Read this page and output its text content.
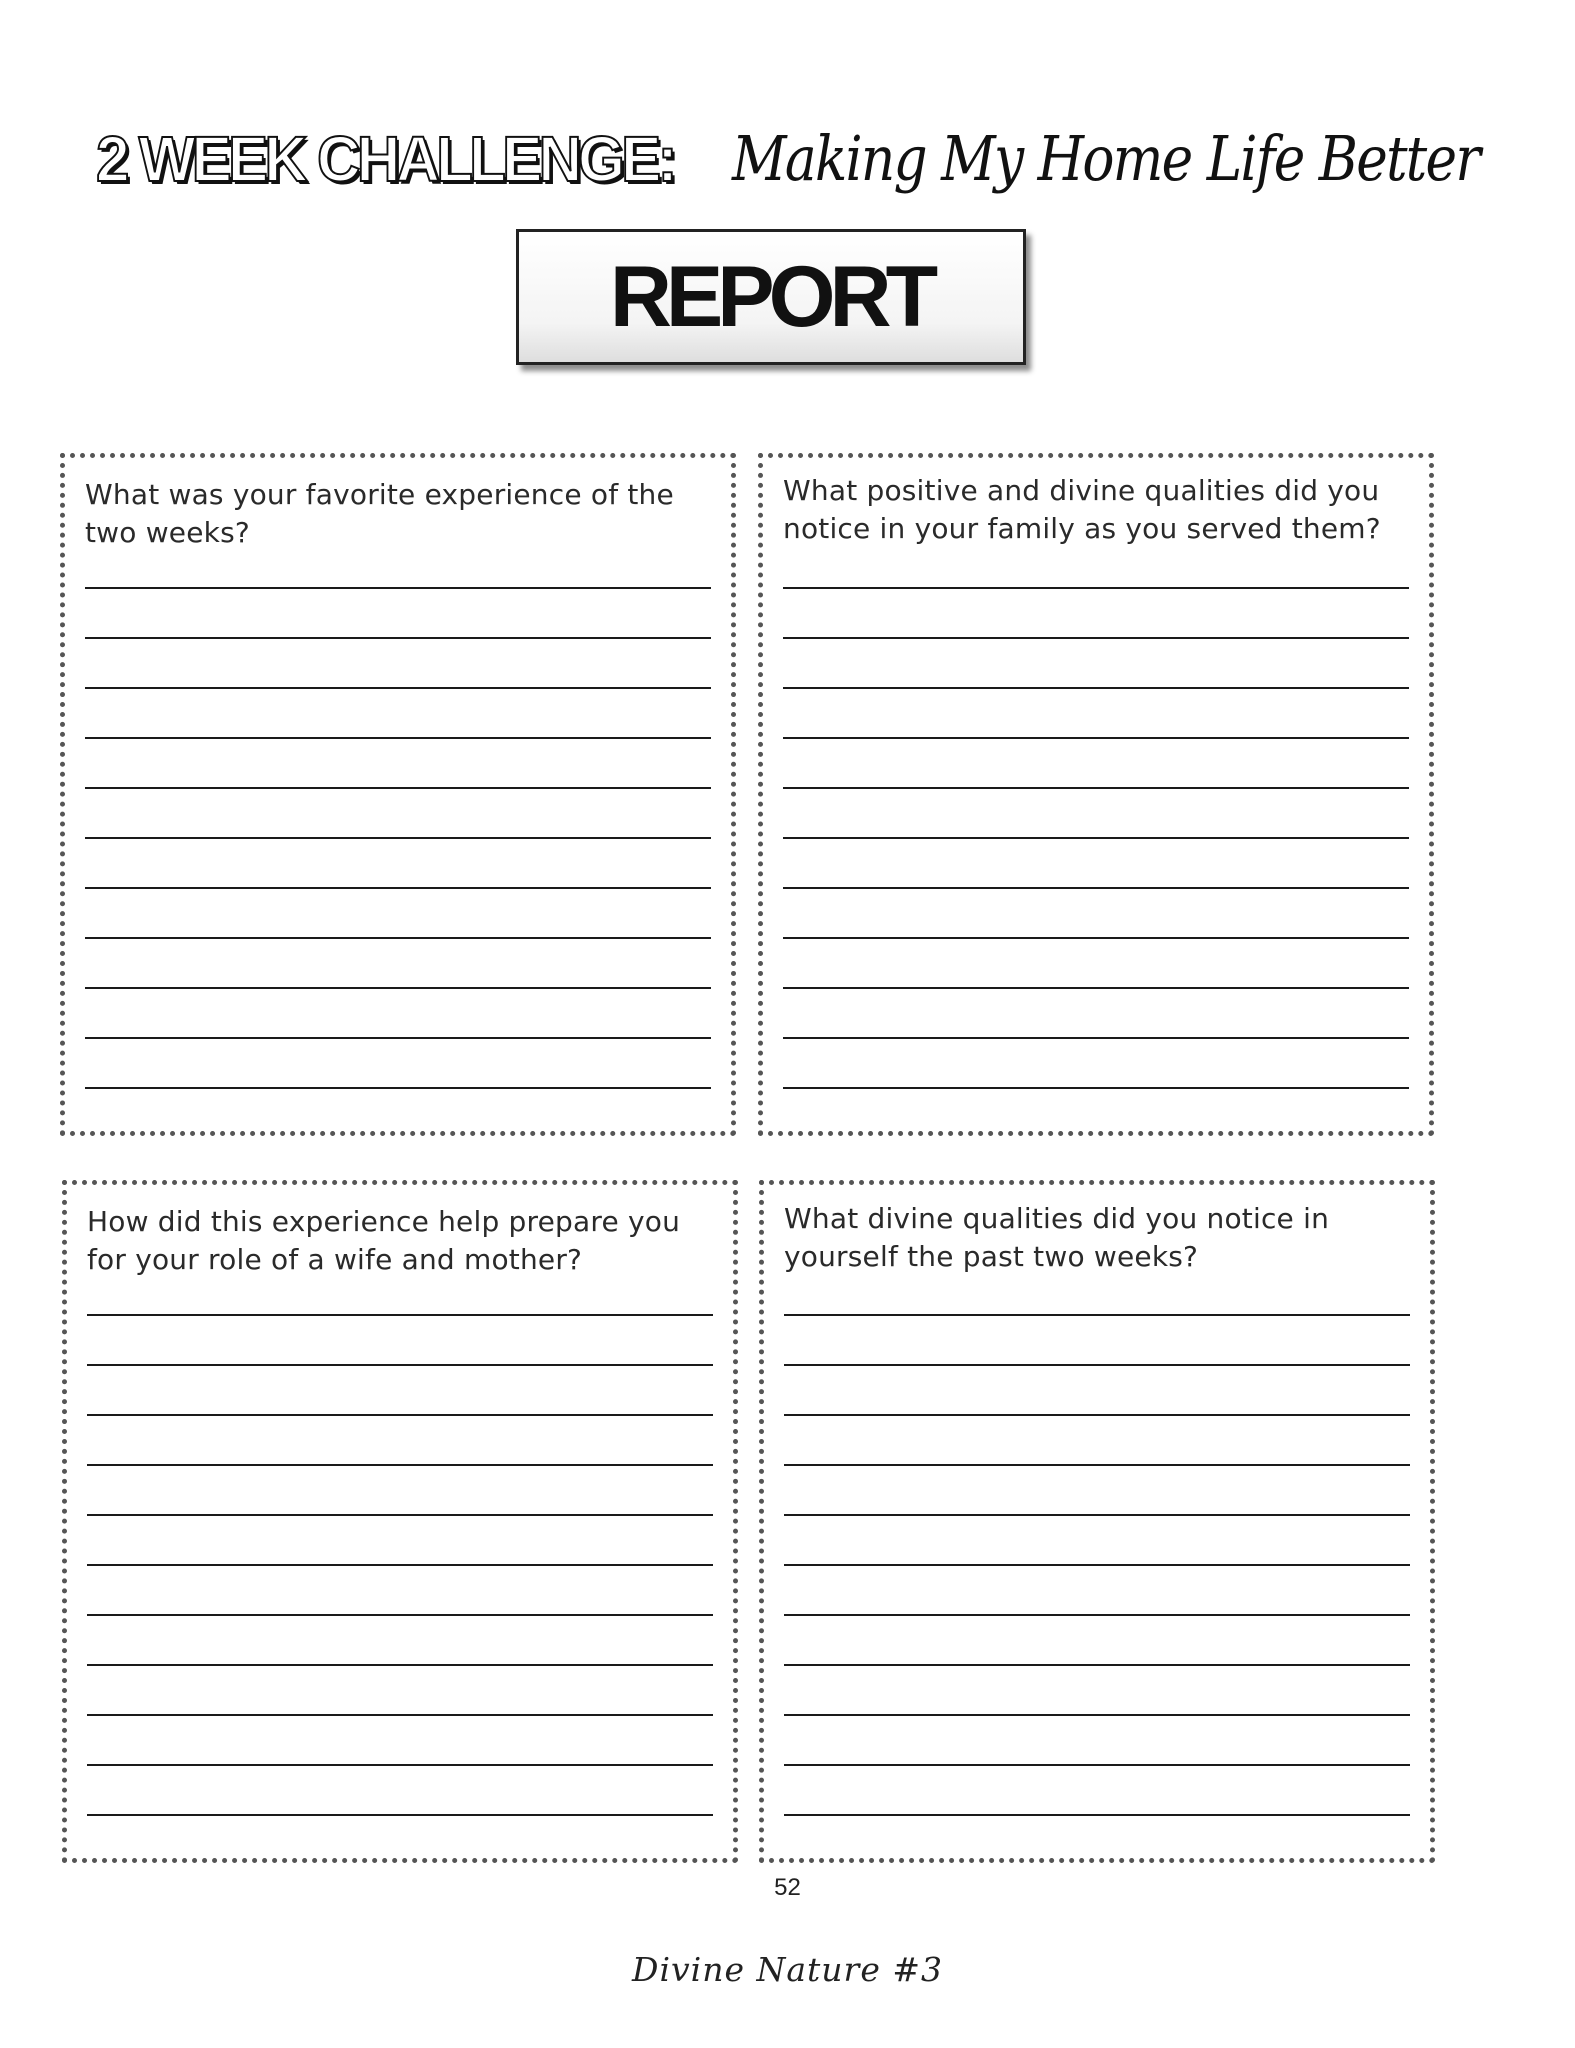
2 WEEK CHALLENGE: Making My Home Life Better
REPORT
What was your favorite experience of the two weeks?
What positive and divine qualities did you notice in your family as you served them?
How did this experience help prepare you for your role of a wife and mother?
What divine qualities did you notice in yourself the past two weeks?
52
Divine Nature #3
